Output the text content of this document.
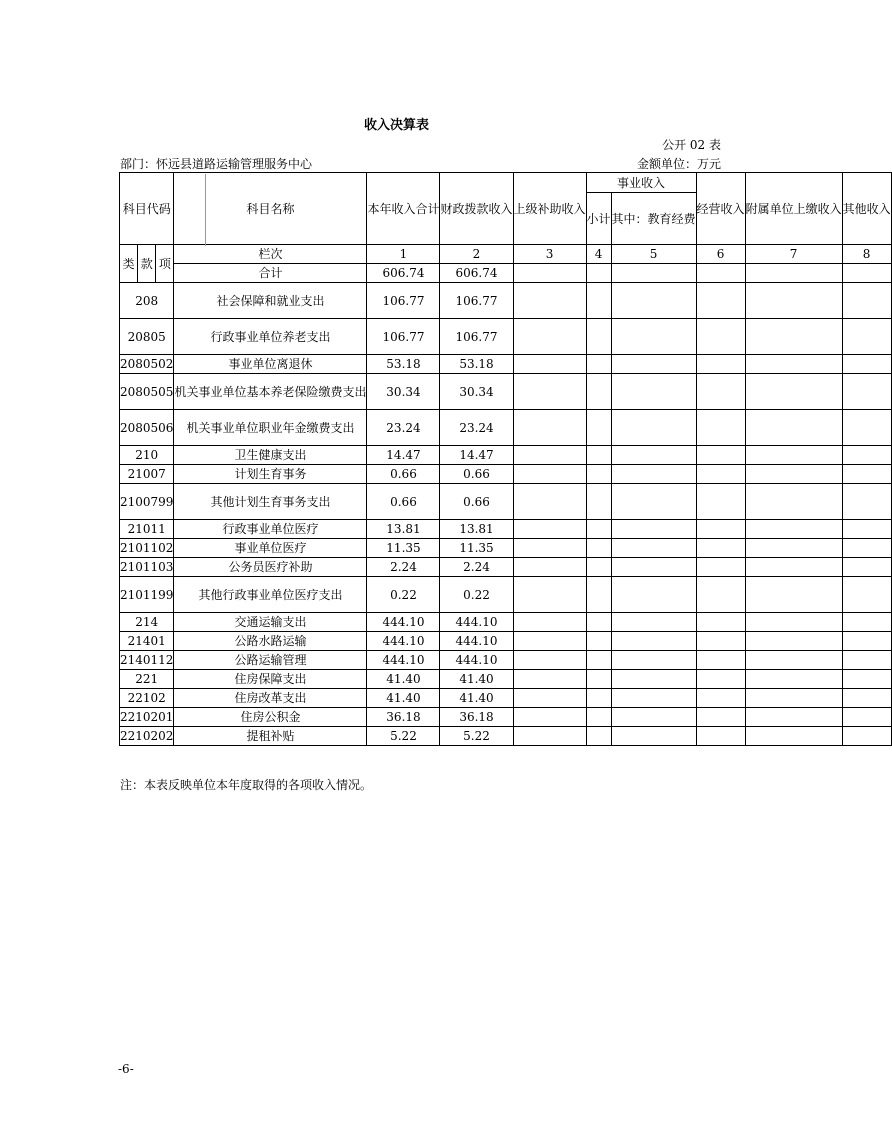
收入决算表
公开 02 表
部门：怀远县道路运输管理服务中心	金额单位：万元
科目代码			科目名称	本年收入合计	财政拨款收入	上级补助收入	事业收入		经营收入	附属单位上缴收入	其他收入
							小计	其中：教育经费			

类	款	项	栏次	1	2	3	4	5	6	7	8
			合计	606.74	606.74						
208			社会保障和就业支出	106.77	106.77						
20805			行政事业单位养老支出	106.77	106.77						
2080502			事业单位离退休	53.18	53.18						
2080505			机关事业单位基本养老保险缴费支出	30.34	30.34						
2080506			机关事业单位职业年金缴费支出	23.24	23.24						
210			卫生健康支出	14.47	14.47						
21007			计划生育事务	0.66	0.66						
2100799			其他计划生育事务支出	0.66	0.66						
21011			行政事业单位医疗	13.81	13.81						
2101102			事业单位医疗	11.35	11.35						
2101103			公务员医疗补助	2.24	2.24						
2101199			其他行政事业单位医疗支出	0.22	0.22						
214			交通运输支出	444.10	444.10						
21401			公路水路运输	444.10	444.10						
2140112			公路运输管理	444.10	444.10						
221			住房保障支出	41.40	41.40						
22102			住房改革支出	41.40	41.40						
2210201			住房公积金	36.18	36.18						
2210202			提租补贴	5.22	5.22						
注：本表反映单位本年度取得的各项收入情况。
-6-
